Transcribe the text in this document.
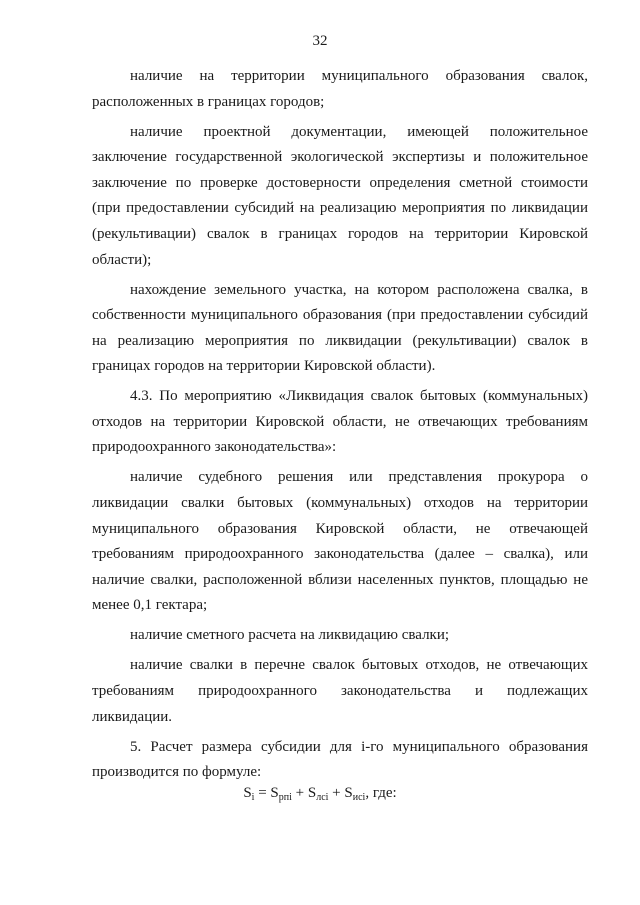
32

наличие на территории муниципального образования свалок, расположенных в границах городов;

наличие проектной документации, имеющей положительное заключение государственной экологической экспертизы и положительное заключение по проверке достоверности определения сметной стоимости (при предоставлении субсидий на реализацию мероприятия по ликвидации (рекультивации) свалок в границах городов на территории Кировской области);

нахождение земельного участка, на котором расположена свалка, в собственности муниципального образования (при предоставлении субсидий на реализацию мероприятия по ликвидации (рекультивации) свалок в границах городов на территории Кировской области).

4.3. По мероприятию «Ликвидация свалок бытовых (коммунальных) отходов на территории Кировской области, не отвечающих требованиям природоохранного законодательства»:

наличие судебного решения или представления прокурора о ликвидации свалки бытовых (коммунальных) отходов на территории муниципального образования Кировской области, не отвечающей требованиям природоохранного законодательства (далее – свалка), или наличие свалки, расположенной вблизи населенных пунктов, площадью не менее 0,1 гектара;

наличие сметного расчета на ликвидацию свалки;

наличие свалки в перечне свалок бытовых отходов, не отвечающих требованиям природоохранного законодательства и подлежащих ликвидации.

5. Расчет размера субсидии для i-го муниципального образования производится по формуле:

$S_i = S_{pпi} + S_{лсi} + S_{исi}$, где:
